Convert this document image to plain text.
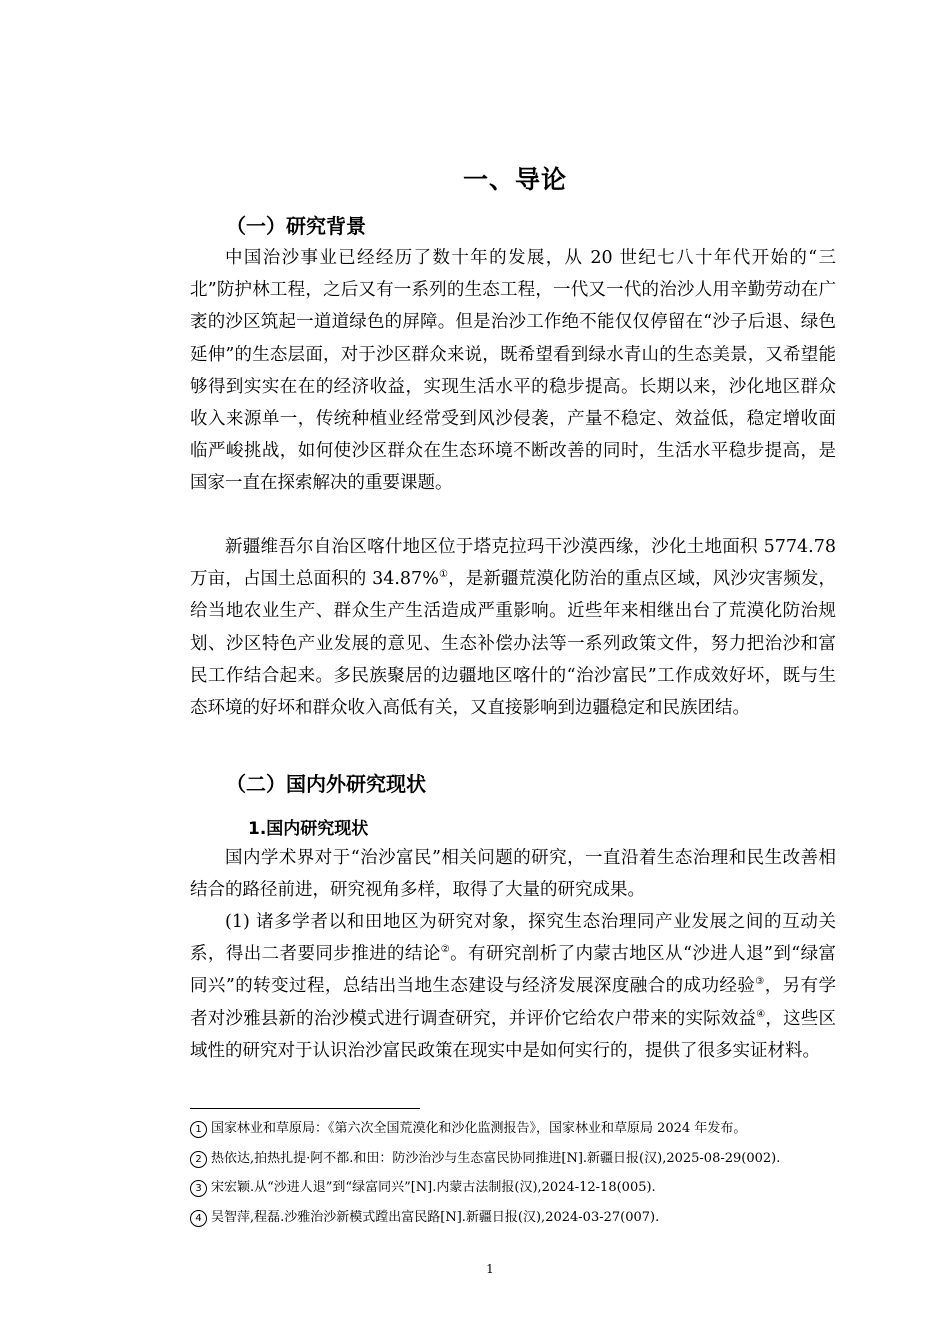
一、导论
（一）研究背景

中国治沙事业已经经历了数十年的发展，从 20 世纪七八十年代开始的“三北”防护林工程，之后又有一系列的生态工程，一代又一代的治沙人用辛勤劳动在广袤的沙区筑起一道道绿色的屏障。但是治沙工作绝不能仅仅停留在“沙子后退、绿色延伸”的生态层面，对于沙区群众来说，既希望看到绿水青山的生态美景，又希望能够得到实实在在的经济收益，实现生活水平的稳步提高。长期以来，沙化地区群众收入来源单一，传统种植业经常受到风沙侵袭，产量不稳定、效益低，稳定增收面临严峻挑战，如何使沙区群众在生态环境不断改善的同时，生活水平稳步提高，是国家一直在探索解决的重要课题。

新疆维吾尔自治区喀什地区位于塔克拉玛干沙漠西缘，沙化土地面积 5774.78 万亩，占国土总面积的 34.87%①，是新疆荒漠化防治的重点区域，风沙灾害频发，给当地农业生产、群众生产生活造成严重影响。近些年来相继出台了荒漠化防治规划、沙区特色产业发展的意见、生态补偿办法等一系列政策文件，努力把治沙和富民工作结合起来。多民族聚居的边疆地区喀什的“治沙富民”工作成效好坏，既与生态环境的好坏和群众收入高低有关，又直接影响到边疆稳定和民族团结。

（二）国内外研究现状
1.国内研究现状

国内学术界对于“治沙富民”相关问题的研究，一直沿着生态治理和民生改善相结合的路径前进，研究视角多样，取得了大量的研究成果。

(1) 诸多学者以和田地区为研究对象，探究生态治理同产业发展之间的互动关系，得出二者要同步推进的结论②。有研究剖析了内蒙古地区从“沙进人退”到“绿富同兴”的转变过程，总结出当地生态建设与经济发展深度融合的成功经验③，另有学者对沙雅县新的治沙模式进行调查研究，并评价它给农户带来的实际效益④，这些区域性的研究对于认识治沙富民政策在现实中是如何实行的，提供了很多实证材料。

1 国家林业和草原局：《第六次全国荒漠化和沙化监测报告》，国家林业和草原局 2024 年发布。
2 热依达,拍热扎提·阿不都.和田：防沙治沙与生态富民协同推进[N].新疆日报(汉),2025-08-29(002).
3 宋宏颖.从“沙进人退”到“绿富同兴”[N].内蒙古法制报(汉),2024-12-18(005).
4 吴智萍,程磊.沙雅治沙新模式蹚出富民路[N].新疆日报(汉),2024-03-27(007).
1
